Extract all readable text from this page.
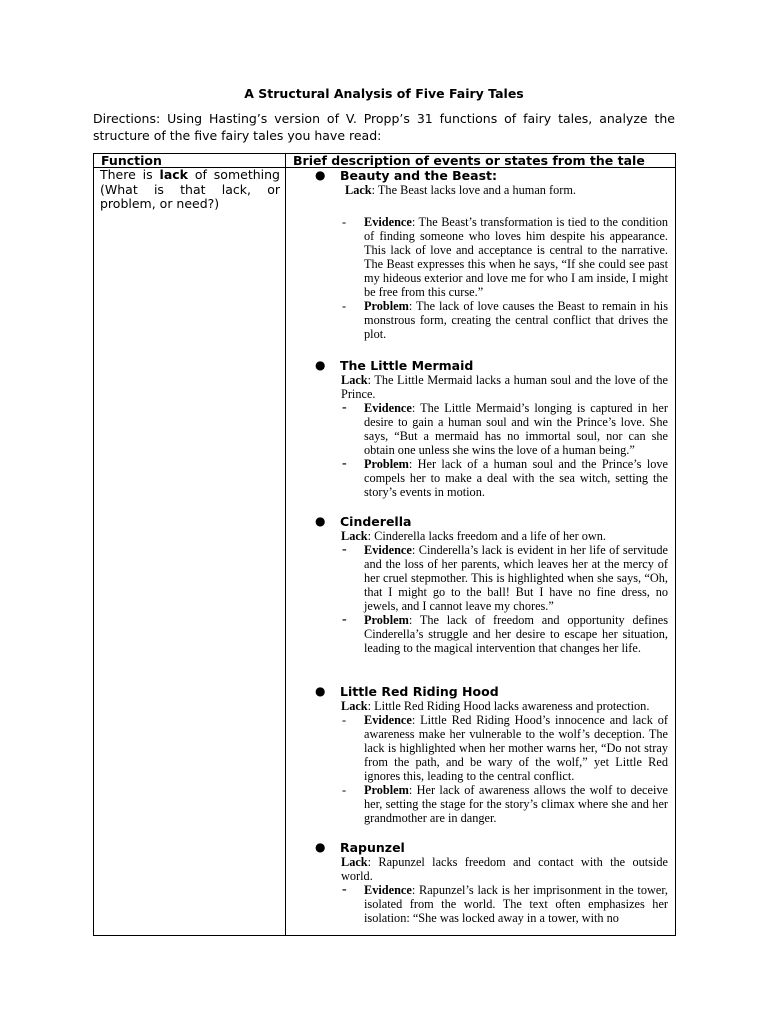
A Structural Analysis of Five Fairy Tales
Directions: Using Hasting’s version of V. Propp’s 31 functions of fairy tales, analyze the structure of the five fairy tales you have read:
Function	Brief description of events or states from the tale
There is lack of something (What is that lack, or problem, or need?)
● Beauty and the Beast:
Lack: The Beast lacks love and a human form.
- Evidence: The Beast’s transformation is tied to the condition of finding someone who loves him despite his appearance. This lack of love and acceptance is central to the narrative. The Beast expresses this when he says, “If she could see past my hideous exterior and love me for who I am inside, I might be free from this curse.”
- Problem: The lack of love causes the Beast to remain in his monstrous form, creating the central conflict that drives the plot.
● The Little Mermaid
Lack: The Little Mermaid lacks a human soul and the love of the Prince.
- Evidence: The Little Mermaid’s longing is captured in her desire to gain a human soul and win the Prince’s love. She says, “But a mermaid has no immortal soul, nor can she obtain one unless she wins the love of a human being.”
- Problem: Her lack of a human soul and the Prince’s love compels her to make a deal with the sea witch, setting the story’s events in motion.
● Cinderella
Lack: Cinderella lacks freedom and a life of her own.
- Evidence: Cinderella’s lack is evident in her life of servitude and the loss of her parents, which leaves her at the mercy of her cruel stepmother. This is highlighted when she says, “Oh, that I might go to the ball! But I have no fine dress, no jewels, and I cannot leave my chores.”
- Problem: The lack of freedom and opportunity defines Cinderella’s struggle and her desire to escape her situation, leading to the magical intervention that changes her life.
● Little Red Riding Hood
Lack: Little Red Riding Hood lacks awareness and protection.
- Evidence: Little Red Riding Hood’s innocence and lack of awareness make her vulnerable to the wolf’s deception. The lack is highlighted when her mother warns her, “Do not stray from the path, and be wary of the wolf,” yet Little Red ignores this, leading to the central conflict.
- Problem: Her lack of awareness allows the wolf to deceive her, setting the stage for the story’s climax where she and her grandmother are in danger.
● Rapunzel
Lack: Rapunzel lacks freedom and contact with the outside world.
- Evidence: Rapunzel’s lack is her imprisonment in the tower, isolated from the world. The text often emphasizes her isolation: “She was locked away in a tower, with no
